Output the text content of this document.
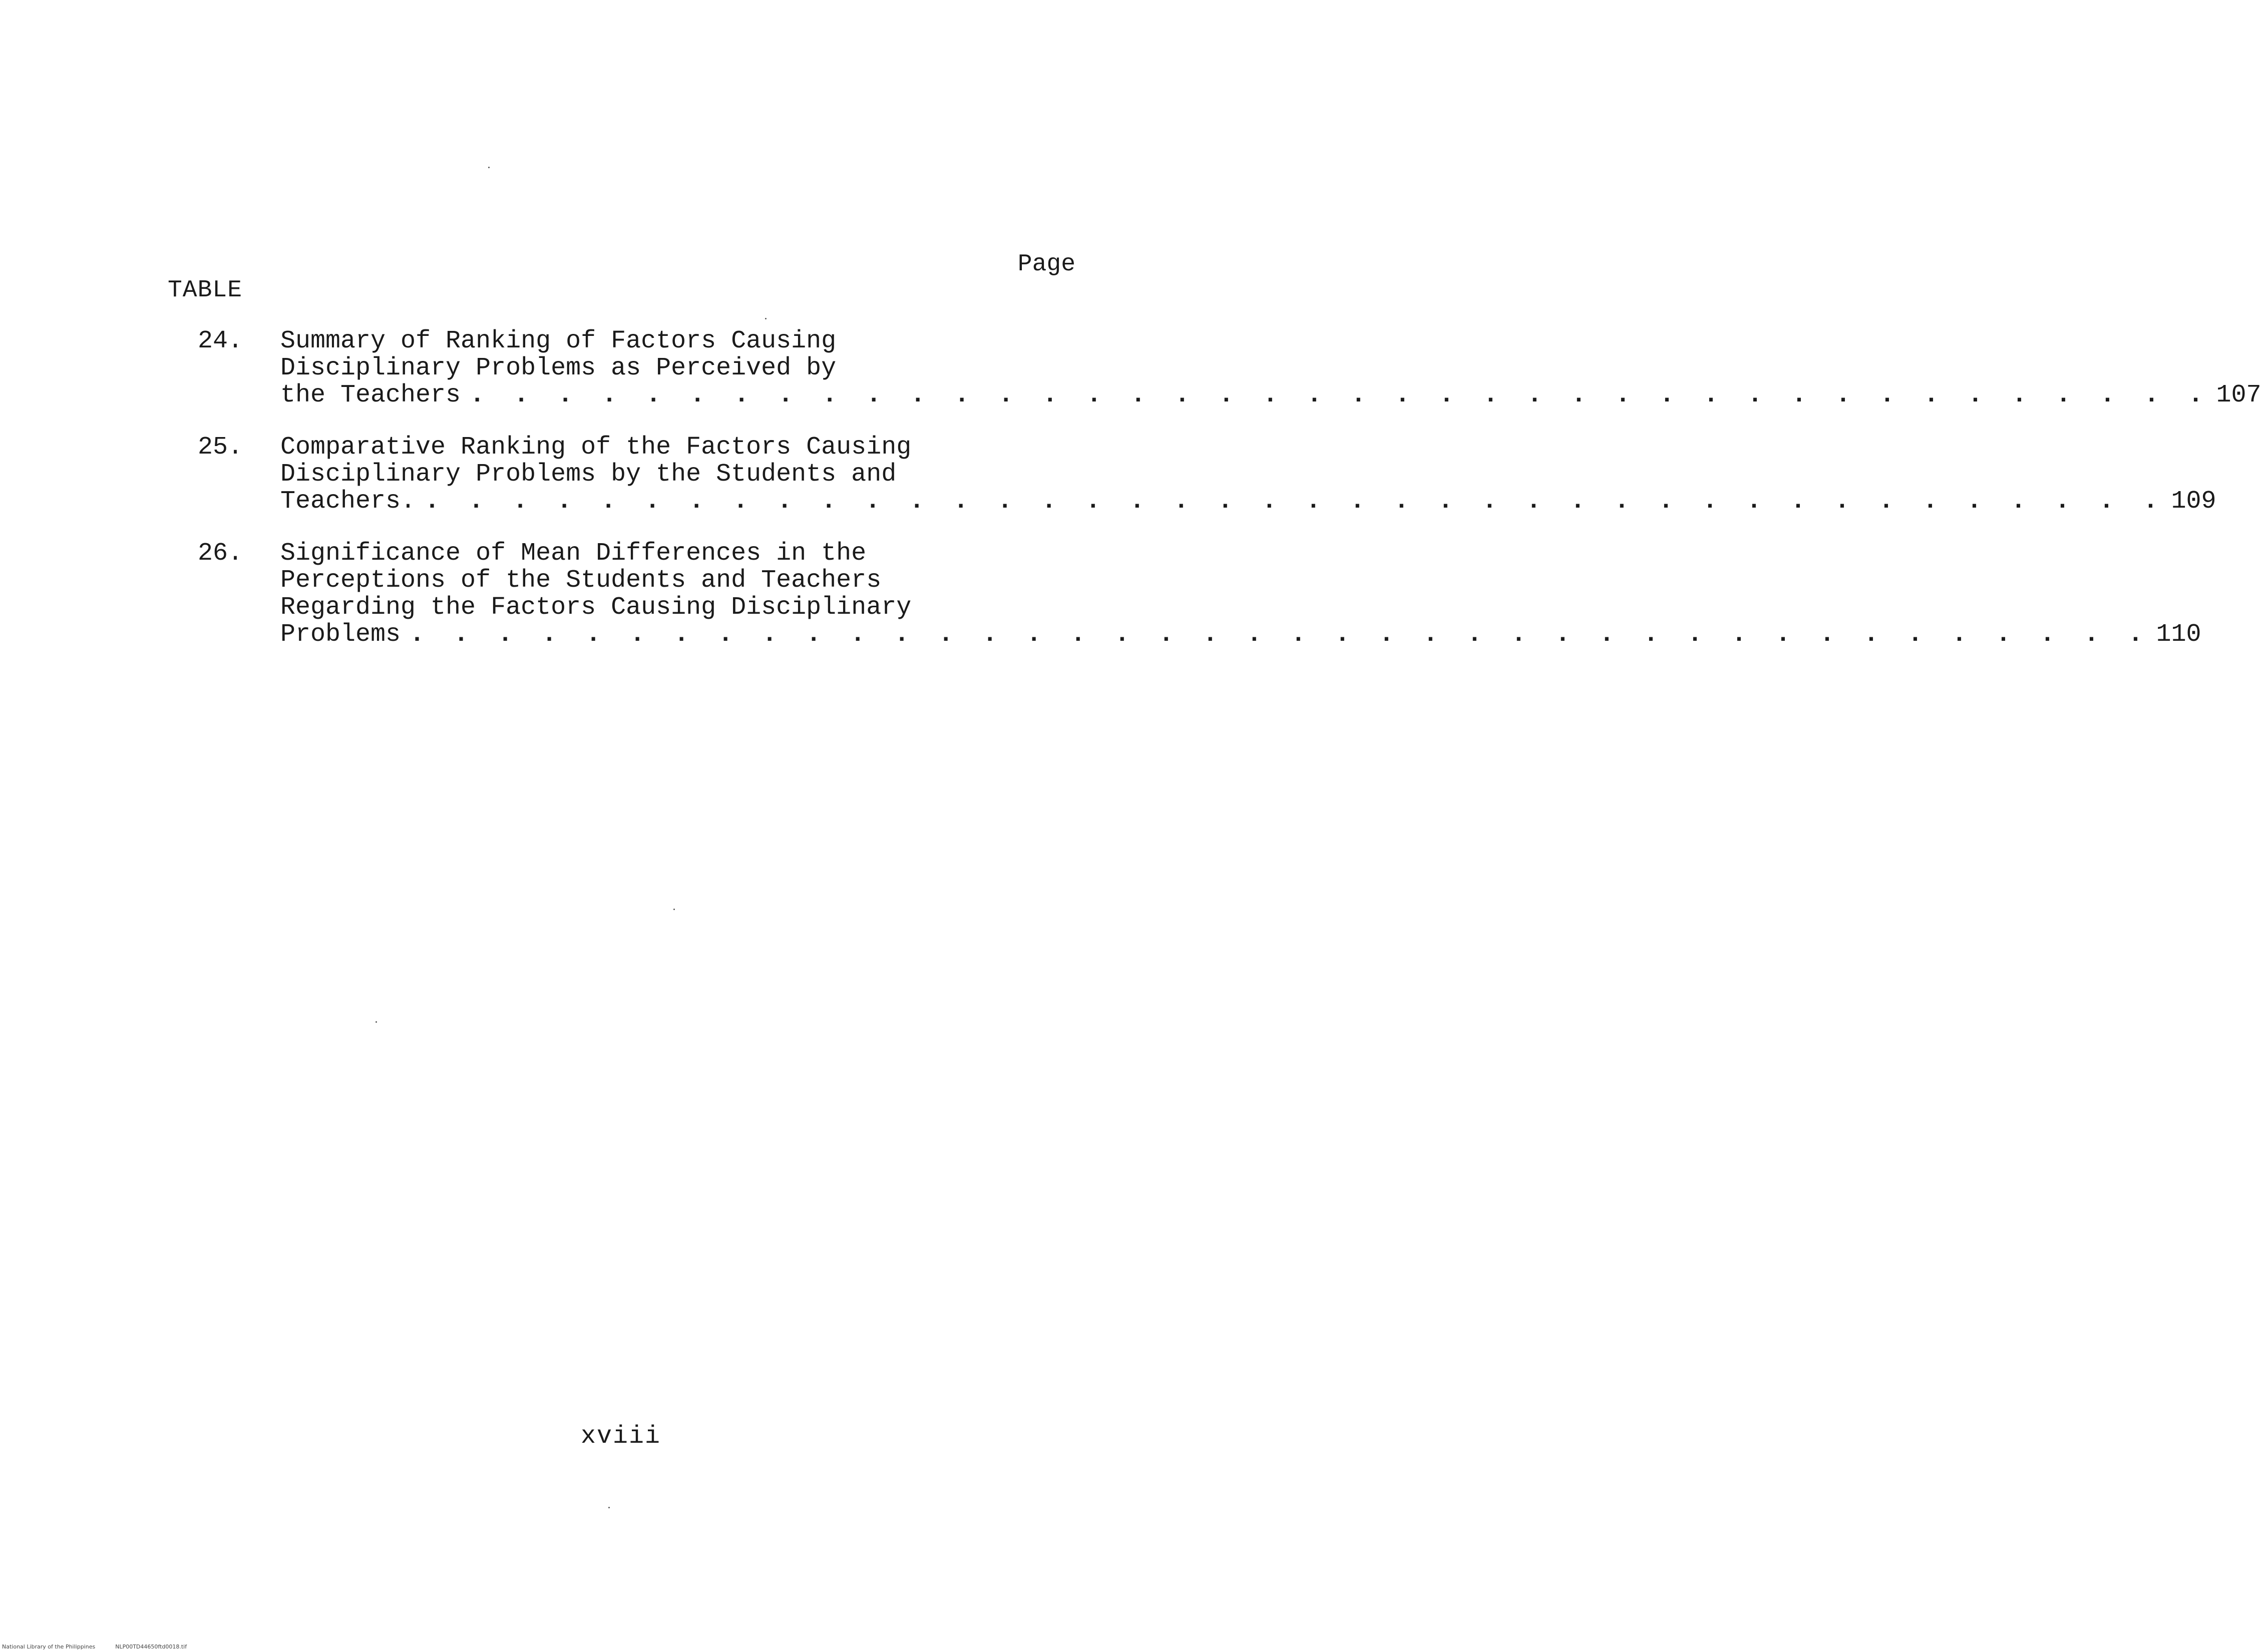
Page
TABLE
24. Summary of Ranking of Factors Causing
Disciplinary Problems as Perceived by
the Teachers . . . . . . . . . . . . . . . . . . . . . . . . . . . . . . . . . . . . . . . . 107
25. Comparative Ranking of the Factors Causing
Disciplinary Problems by the Students and
Teachers. . . . . . . . . . . . . . . . . . . . . . . . . . . . . . . . . . . . . . . . . 109
26. Significance of Mean Differences in the
Perceptions of the Students and Teachers
Regarding the Factors Causing Disciplinary
Problems . . . . . . . . . . . . . . . . . . . . . . . . . . . . . . . . . . . . . . . . 110
xviii
National Library of the Philippines	NLP00TD44650ftd0018.tif
